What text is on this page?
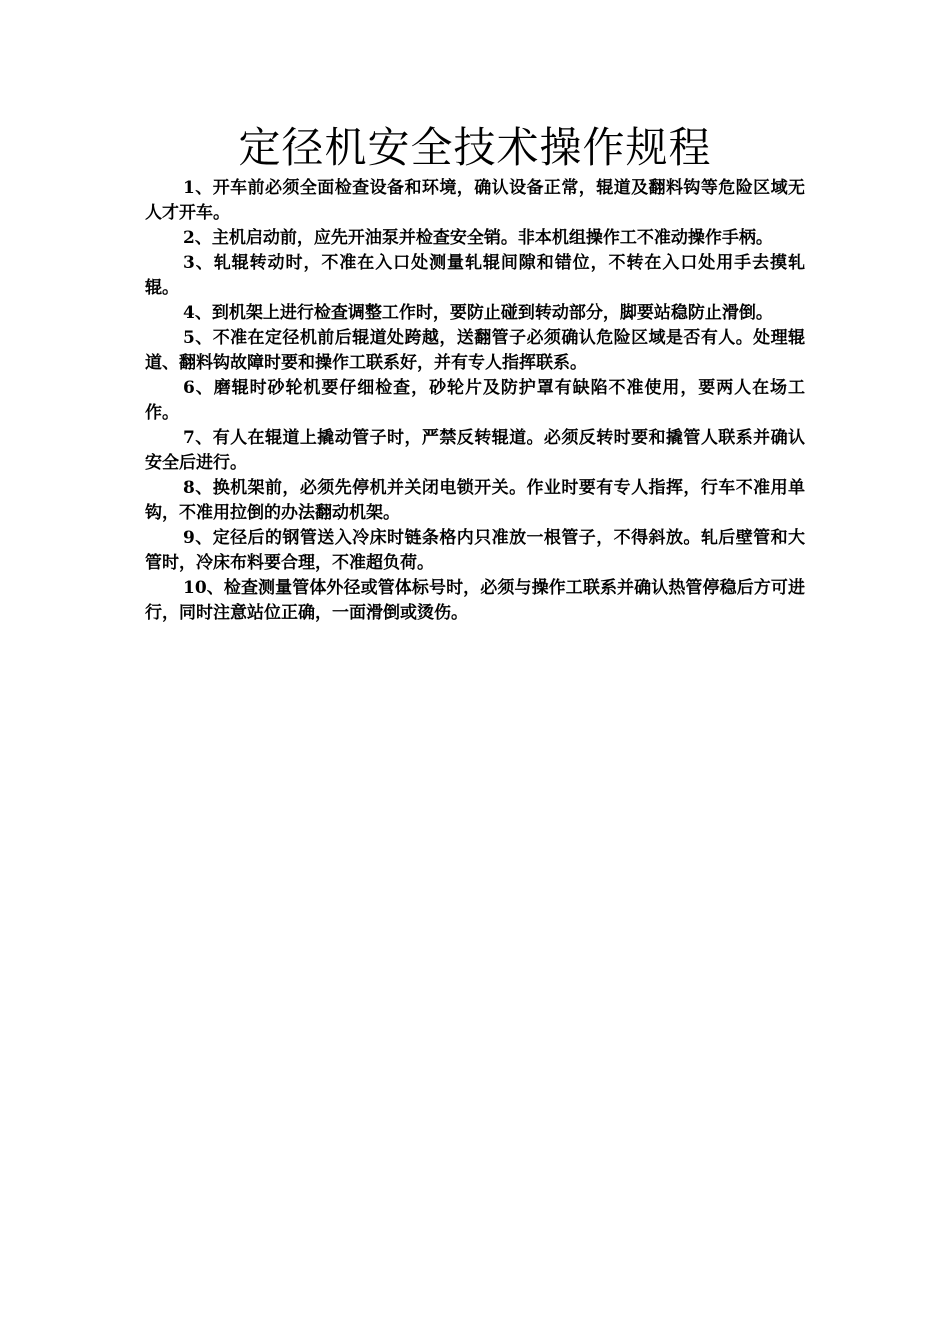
定径机安全技术操作规程

1、开车前必须全面检查设备和环境，确认设备正常，辊道及翻料钩等危险区域无人才开车。

2、主机启动前，应先开油泵并检查安全销。非本机组操作工不准动操作手柄。

3、轧辊转动时，不准在入口处测量轧辊间隙和错位，不转在入口处用手去摸轧辊。

4、到机架上进行检查调整工作时，要防止碰到转动部分，脚要站稳防止滑倒。

5、不准在定径机前后辊道处跨越，送翻管子必须确认危险区域是否有人。处理辊道、翻料钩故障时要和操作工联系好，并有专人指挥联系。

6、磨辊时砂轮机要仔细检查，砂轮片及防护罩有缺陷不准使用，要两人在场工作。

7、有人在辊道上撬动管子时，严禁反转辊道。必须反转时要和撬管人联系并确认安全后进行。

8、换机架前，必须先停机并关闭电锁开关。作业时要有专人指挥，行车不准用单钩，不准用拉倒的办法翻动机架。

9、定径后的钢管送入冷床时链条格内只准放一根管子，不得斜放。轧后壁管和大管时，冷床布料要合理，不准超负荷。

10、检查测量管体外径或管体标号时，必须与操作工联系并确认热管停稳后方可进行，同时注意站位正确，一面滑倒或烫伤。
